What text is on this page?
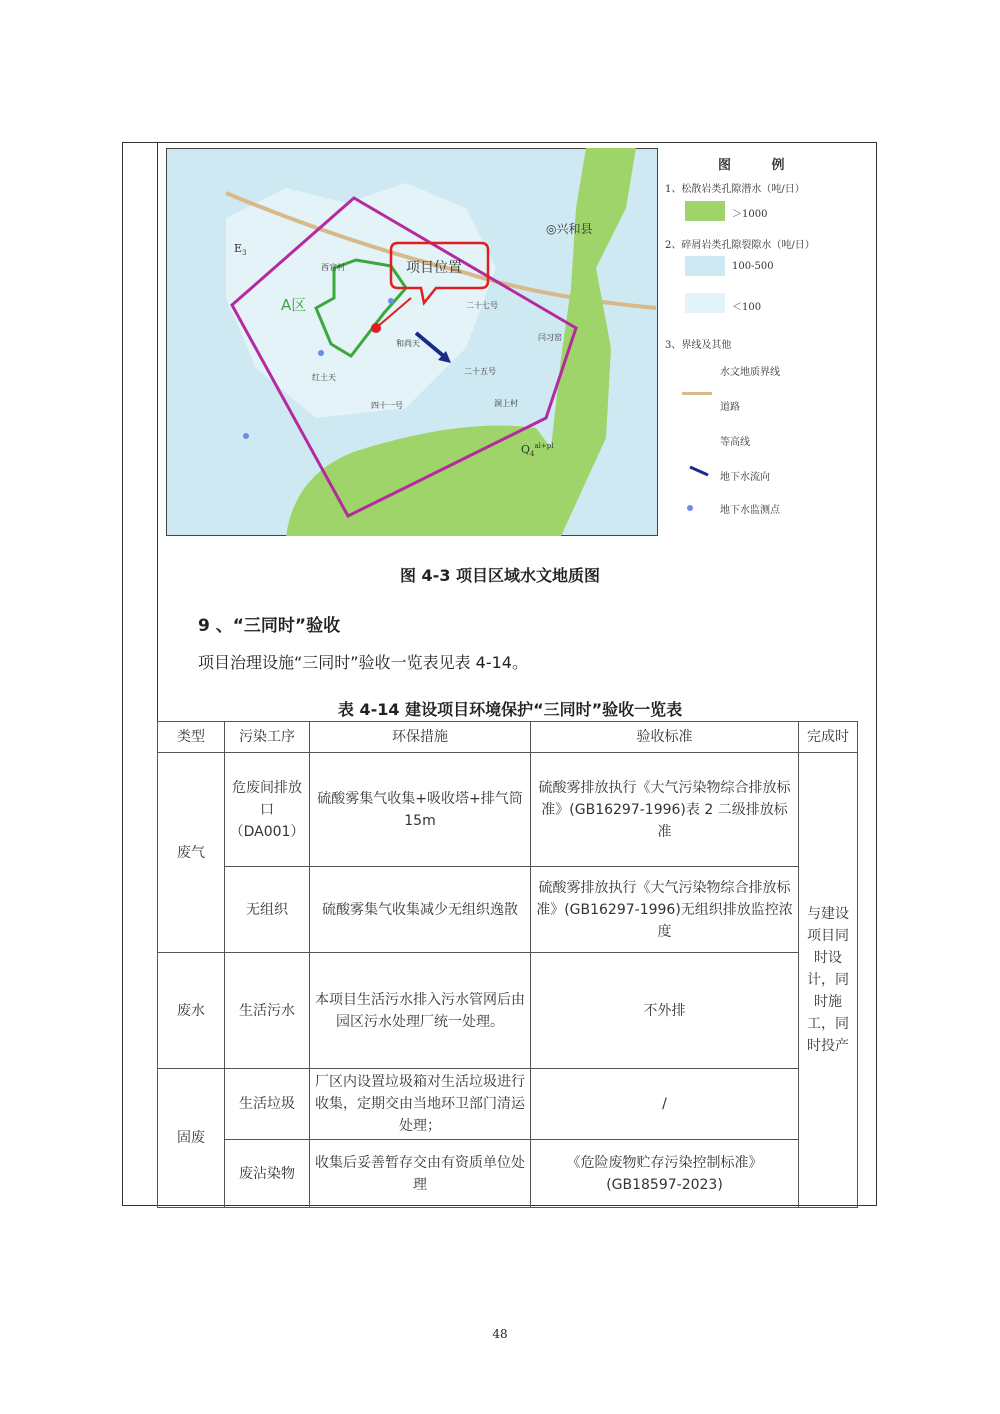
◎兴和县
西官村
二十七号
和尚天
二十五号
红土天
四十一号	洞上村
闫习窑
$E_3$
$Q_4^{al+pl}$
A区
项目位置
图 例
1、松散岩类孔隙潜水（吨/日）
＞1000
2、碎屑岩类孔隙裂隙水（吨/日）
100-500
＜100
3、界线及其他
水文地质界线
道路
等高线
地下水流向
地下水监测点
图 4-3 项目区域水文地质图
9 、“三同时”验收
项目治理设施“三同时”验收一览表见表 4-14。
表 4-14 建设项目环境保护“三同时”验收一览表
类型	污染工序	环保措施	验收标准	完成时
废气	危废间排放口（DA001）	硫酸雾集气收集+吸收塔+排气筒 15m	硫酸雾排放执行《大气污染物综合排放标准》(GB16297-1996)表 2 二级排放标准	与建设项目同时设计，同时施工，同时投产
	无组织	硫酸雾集气收集减少无组织逸散	硫酸雾排放执行《大气污染物综合排放标准》(GB16297-1996)无组织排放监控浓度	
废水	生活污水	本项目生活污水排入污水管网后由园区污水处理厂统一处理。	不外排	
固废	生活垃圾	厂区内设置垃圾箱对生活垃圾进行收集，定期交由当地环卫部门清运处理；	/	
	废沾染物	收集后妥善暂存交由有资质单位处理	《危险废物贮存污染控制标准》(GB18597-2023)	
48
